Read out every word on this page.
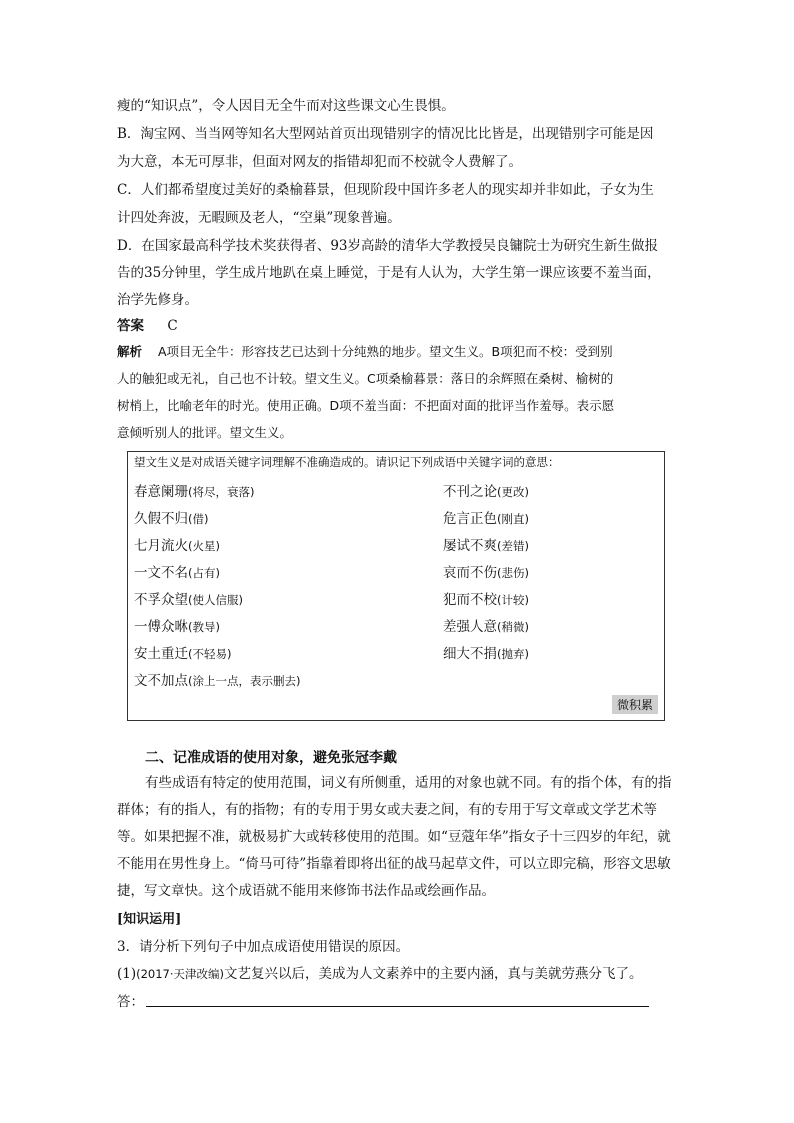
瘦的“知识点”，令人因目无全牛而对这些课文心生畏惧。
B．淘宝网、当当网等知名大型网站首页出现错别字的情况比比皆是，出现错别字可能是因
为大意，本无可厚非，但面对网友的指错却犯而不校就令人费解了。
C．人们都希望度过美好的桑榆暮景，但现阶段中国许多老人的现实却并非如此，子女为生
计四处奔波，无暇顾及老人，“空巢”现象普遍。
D．在国家最高科学技术奖获得者、93岁高龄的清华大学教授吴良镛院士为研究生新生做报
告的35分钟里，学生成片地趴在桌上睡觉，于是有人认为，大学生第一课应该要不羞当面，
治学先修身。
答案 C
解析 A项目无全牛：形容技艺已达到十分纯熟的地步。望文生义。B项犯而不校：受到别
人的触犯或无礼，自己也不计较。望文生义。C项桑榆暮景：落日的余辉照在桑树、榆树的
树梢上，比喻老年的时光。使用正确。D项不羞当面：不把面对面的批评当作羞辱。表示愿
意倾听别人的批评。望文生义。
望文生义是对成语关键字词理解不准确造成的。请识记下列成语中关键字词的意思：
春意阑珊(将尽，衰落)
久假不归(借)
七月流火(火星)
一文不名(占有)
不孚众望(使人信服)
一傅众咻(教导)
安土重迁(不轻易)
文不加点(涂上一点，表示删去)
不刊之论(更改)
危言正色(刚直)
屡试不爽(差错)
哀而不伤(悲伤)
犯而不校(计较)
差强人意(稍微)
细大不捐(抛弃)
微积累
二、记准成语的使用对象，避免张冠李戴
有些成语有特定的使用范围，词义有所侧重，适用的对象也就不同。有的指个体，有的指群体；有的指人，有的指物；有的专用于男女或夫妻之间，有的专用于写文章或文学艺术等等。如果把握不准，就极易扩大或转移使用的范围。如“豆蔻年华”指女子十三四岁的年纪，就不能用在男性身上。“倚马可待”指靠着即将出征的战马起草文件，可以立即完稿，形容文思敏捷，写文章快。这个成语就不能用来修饰书法作品或绘画作品。
[知识运用]
3．请分析下列句子中加点成语使用错误的原因。
(1)(2017·天津改编)文艺复兴以后，美成为人文素养中的主要内涵，真与美就劳燕分飞了。
答：
